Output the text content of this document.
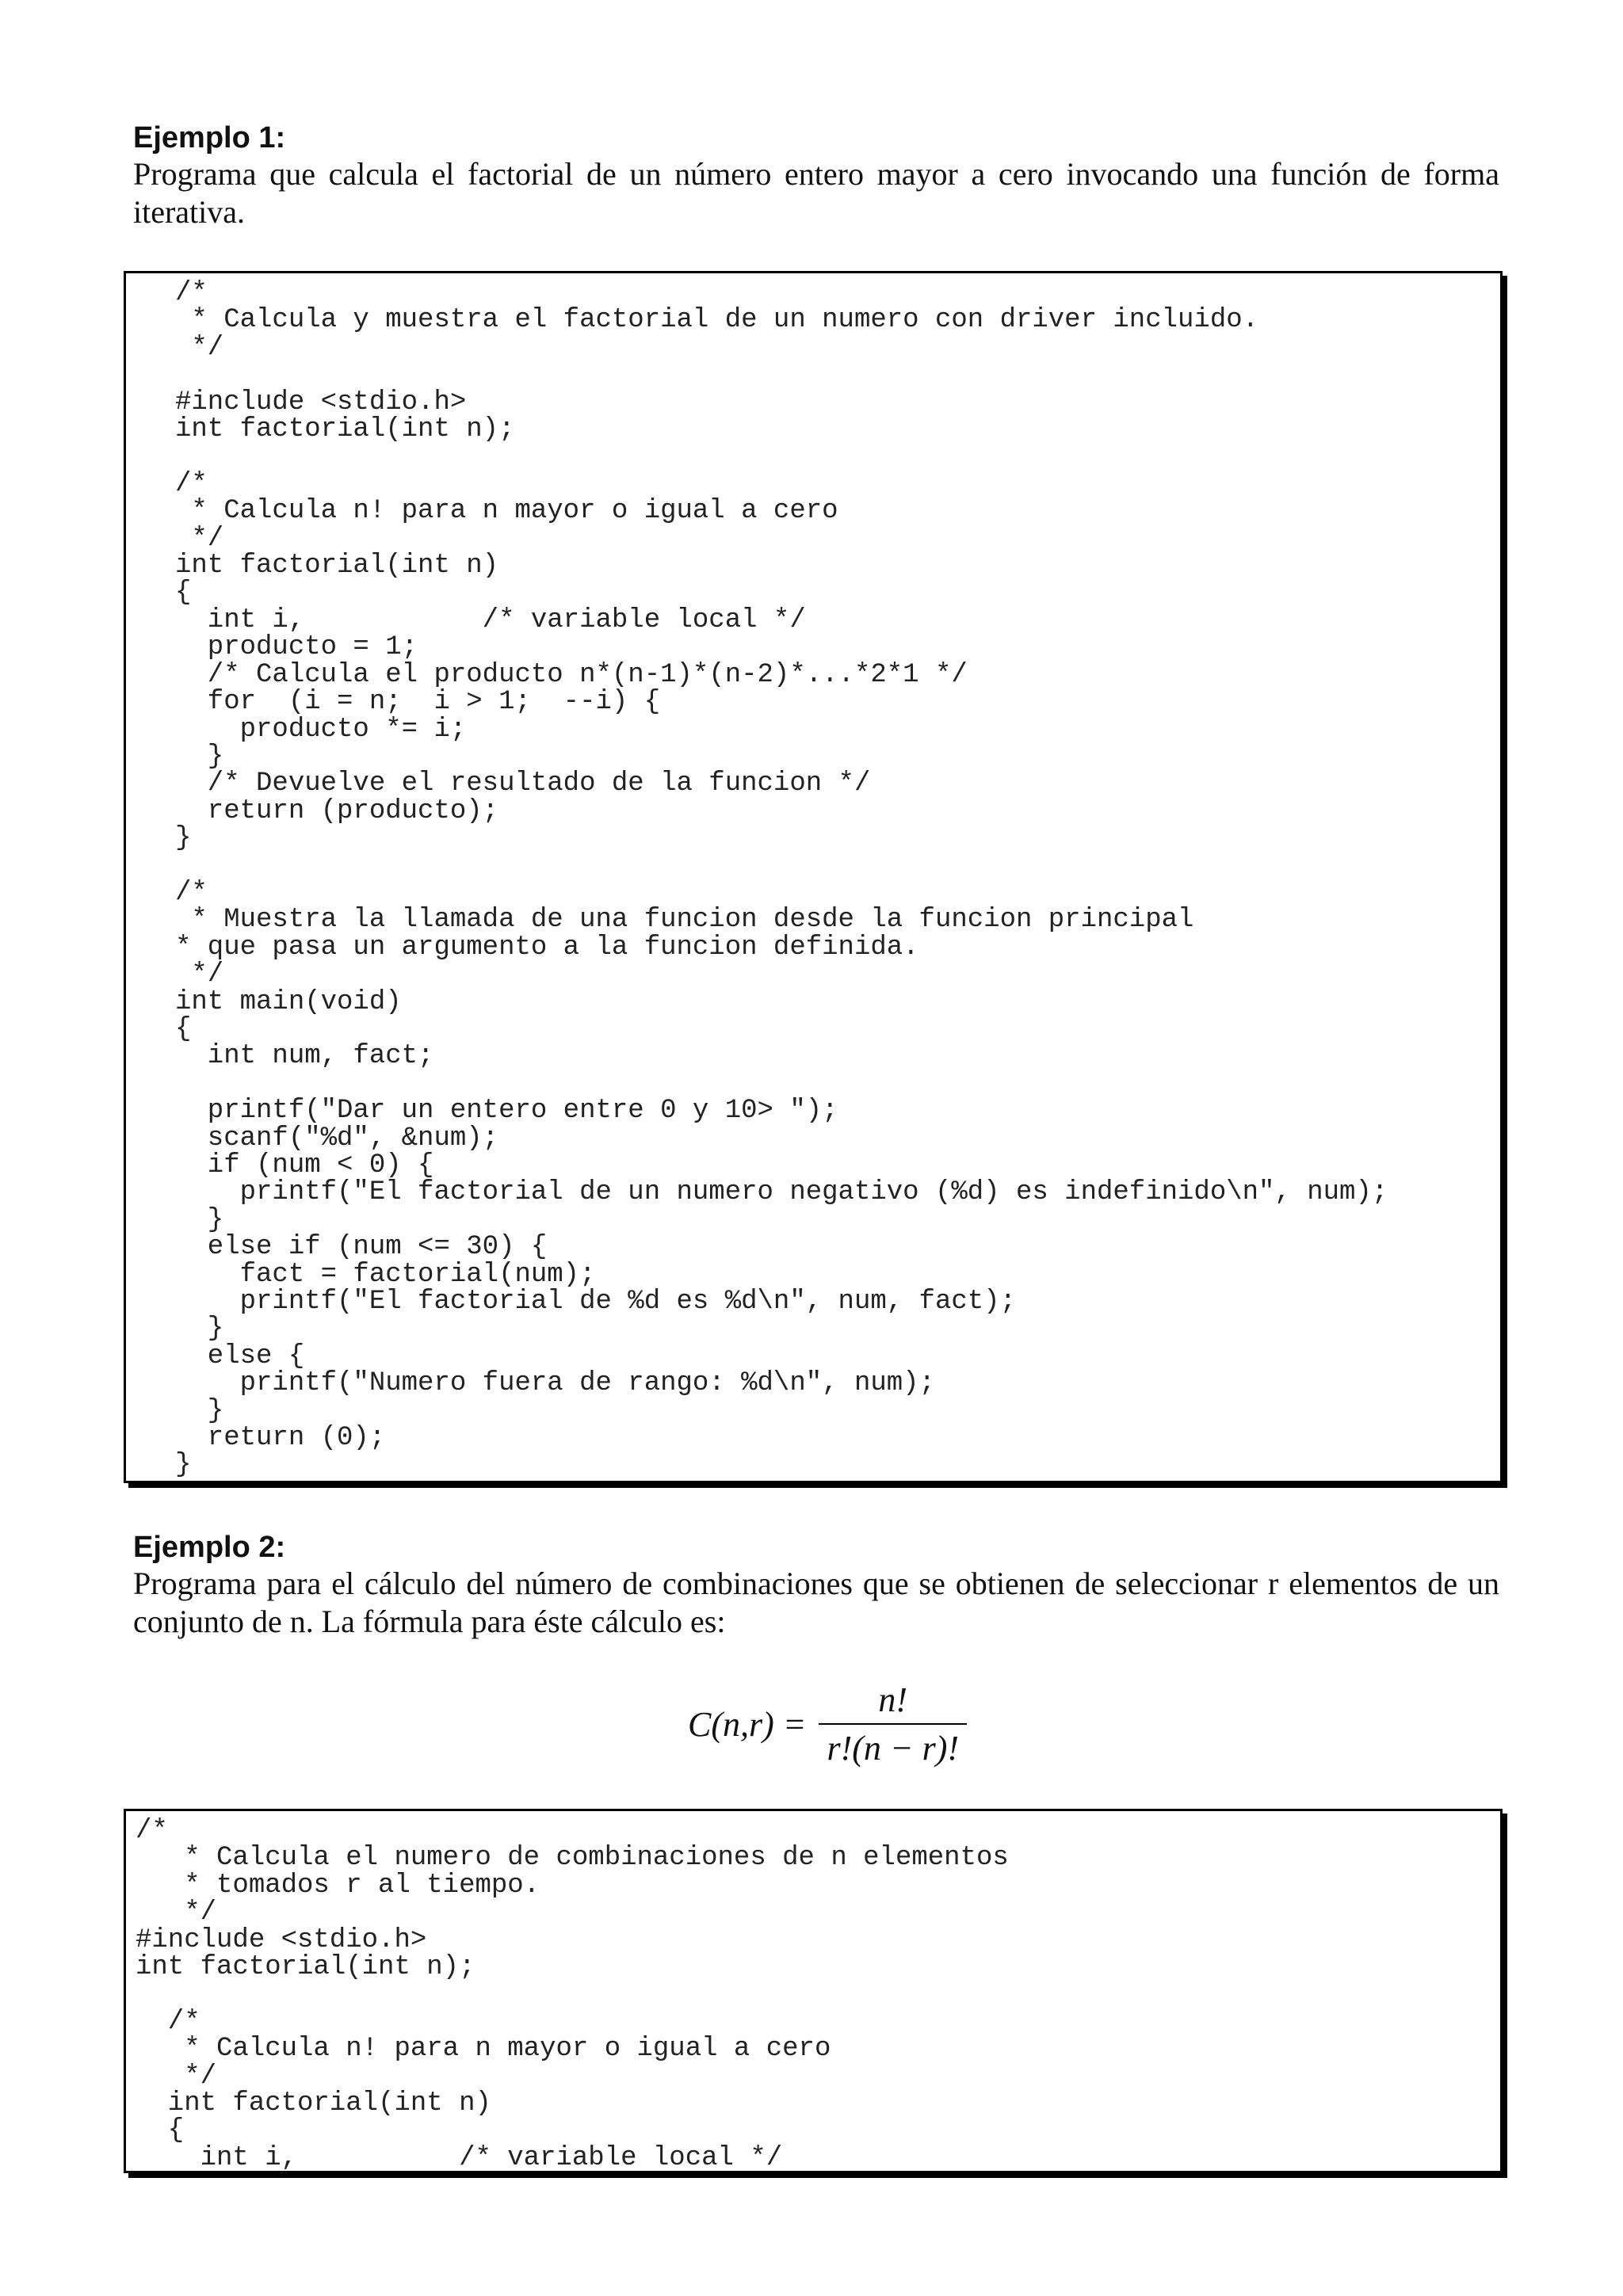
Ejemplo 1:

Programa que calcula el factorial de un número entero mayor a cero invocando una función de forma iterativa.

/*
* Calcula y muestra el factorial de un numero con driver incluido.
*/

#include <stdio.h>
int factorial(int n);

/*
* Calcula n! para n mayor o igual a cero
*/
int factorial(int n)
{
int i,           /* variable local */
producto = 1;
/* Calcula el producto n*(n-1)*(n-2)*...*2*1 */
for  (i = n;  i > 1;  --i) {
producto *= i;
}
/* Devuelve el resultado de la funcion */
return (producto);
}

/*
* Muestra la llamada de una funcion desde la funcion principal
* que pasa un argumento a la funcion definida.
*/
int main(void)
{
int num, fact;

printf("Dar un entero entre 0 y 10> ");
scanf("%d", &num);
if (num < 0) {
printf("El factorial de un numero negativo (%d) es indefinido\n", num);
}
else if (num <= 30) {
fact = factorial(num);
printf("El factorial de %d es %d\n", num, fact);
}
else {
printf("Numero fuera de rango: %d\n", num);
}
return (0);
}
Ejemplo 2:

Programa para el cálculo del número de combinaciones que se obtienen de seleccionar r elementos de un conjunto de n. La fórmula para éste cálculo es:

$C(n,r) = \frac{n!}{r!(n - r)!}$
/*
* Calcula el numero de combinaciones de n elementos
* tomados r al tiempo.
*/
#include <stdio.h>
int factorial(int n);

/*
* Calcula n! para n mayor o igual a cero
*/
int factorial(int n)
{
int i,          /* variable local */
